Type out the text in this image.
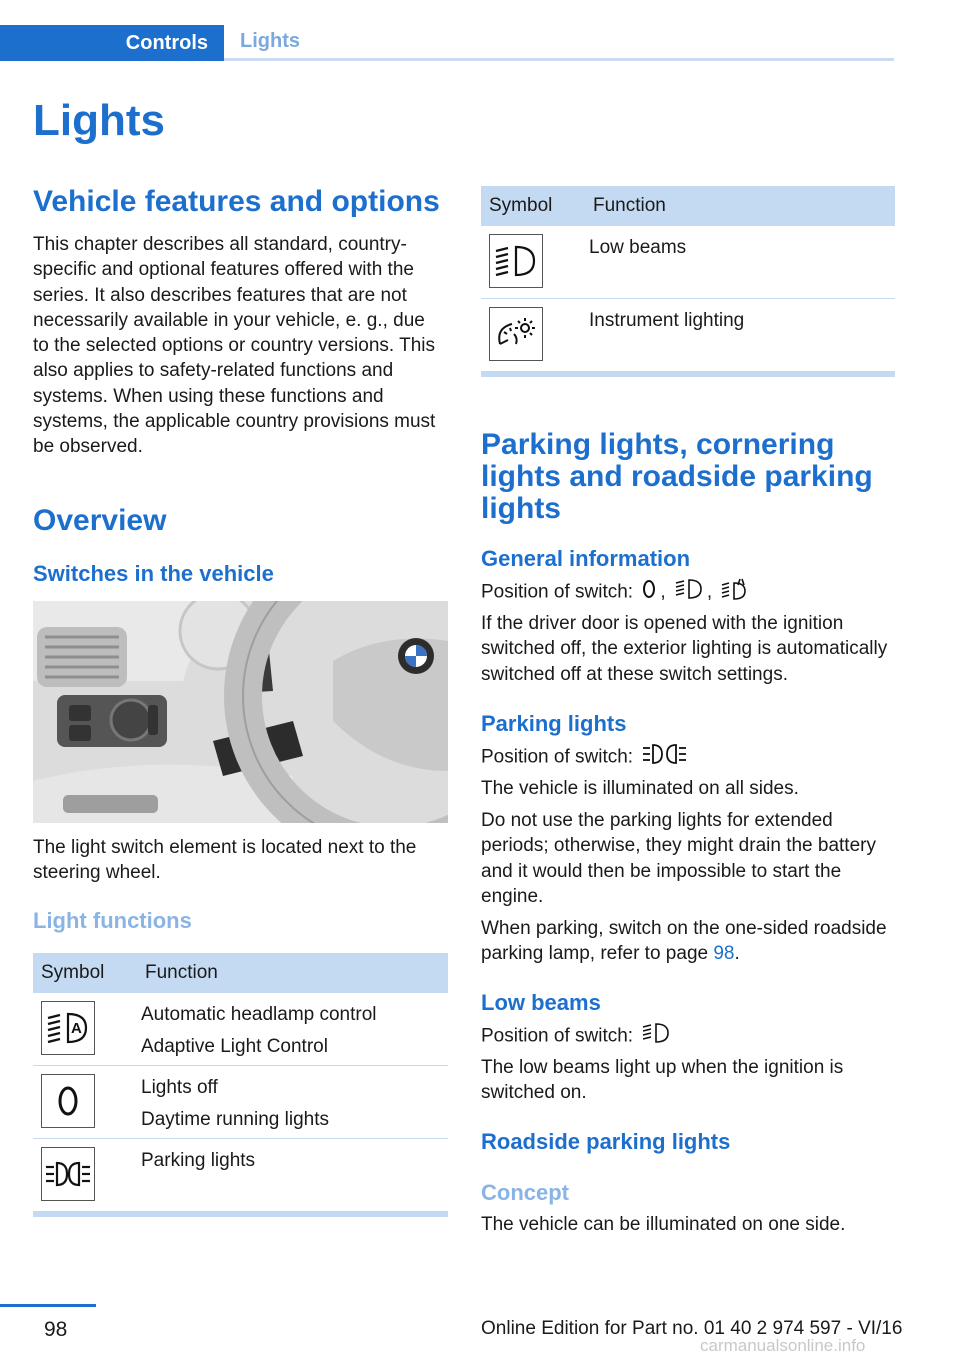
Controls	Lights
Lights
Vehicle features and options
This chapter describes all standard, country-specific and optional features offered with the series. It also describes features that are not necessarily available in your vehicle, e. g., due to the selected options or country versions. This also applies to safety-related functions and systems. When using these functions and systems, the applicable country provisions must be observed.
Overview
Switches in the vehicle
The light switch element is located next to the steering wheel.
Light functions
Symbol	Function

A	Automatic headlamp control
Adaptive Light Control

Lights off
Daytime running lights

Parking lights
Symbol	Function

Low beams

Instrument lighting
Parking lights, cornering lights and roadside parking lights
General information
Position of switch: , ,
If the driver door is opened with the ignition switched off, the exterior lighting is automatically switched off at these switch settings.
Parking lights
Position of switch:
The vehicle is illuminated on all sides.
Do not use the parking lights for extended periods; otherwise, they might drain the battery and it would then be impossible to start the engine.
When parking, switch on the one-sided roadside parking lamp, refer to page 98.
Low beams
Position of switch:
The low beams light up when the ignition is switched on.
Roadside parking lights
Concept
The vehicle can be illuminated on one side.
98	Online Edition for Part no. 01 40 2 974 597 - VI/16
carmanualsonline.info
